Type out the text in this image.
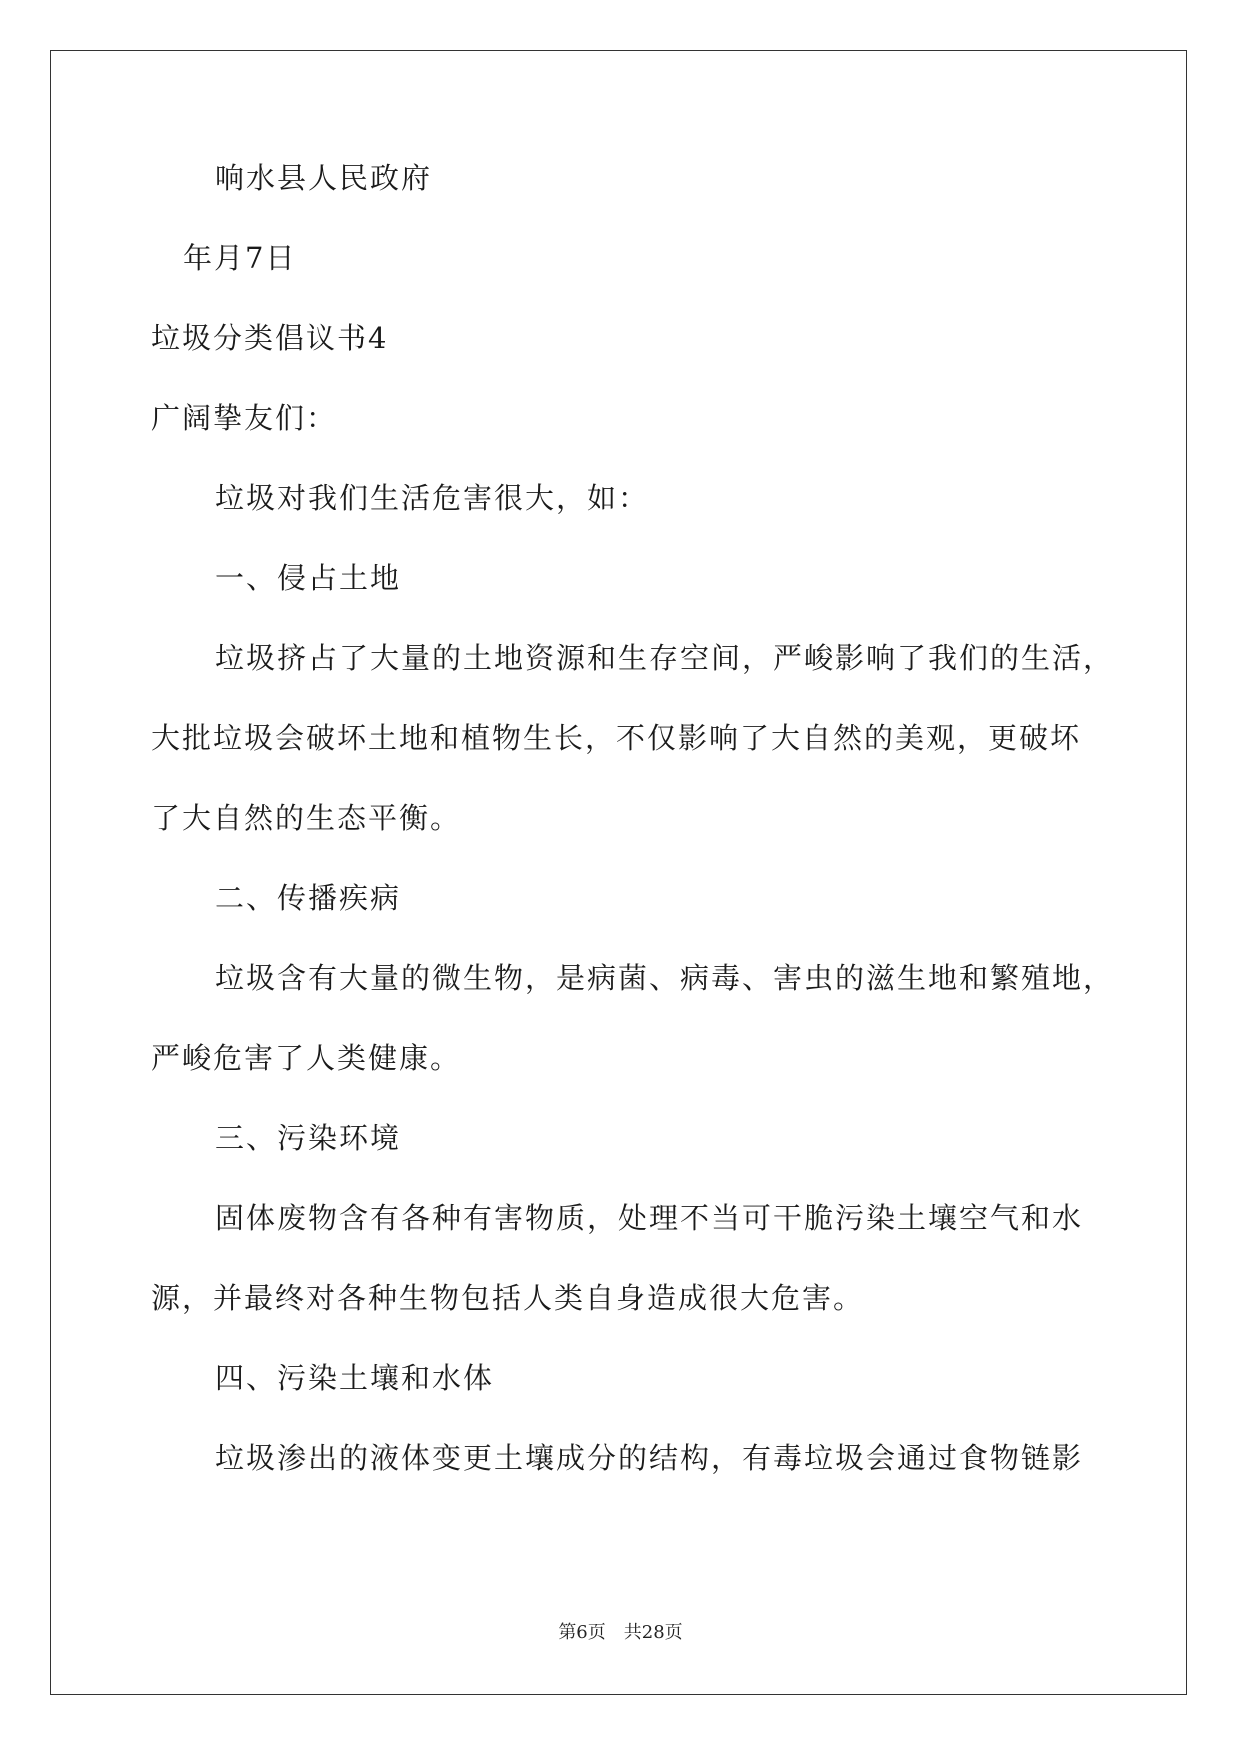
响水县人民政府

年月7日

垃圾分类倡议书4

广阔挚友们：

垃圾对我们生活危害很大，如：

一、侵占土地

垃圾挤占了大量的土地资源和生存空间，严峻影响了我们的生活，
大批垃圾会破坏土地和植物生长，不仅影响了大自然的美观，更破坏
了大自然的生态平衡。

二、传播疾病

垃圾含有大量的微生物，是病菌、病毒、害虫的滋生地和繁殖地，
严峻危害了人类健康。

三、污染环境

固体废物含有各种有害物质，处理不当可干脆污染土壤空气和水
源，并最终对各种生物包括人类自身造成很大危害。

四、污染土壤和水体

垃圾渗出的液体变更土壤成分的结构，有毒垃圾会通过食物链影
第6页 共28页
